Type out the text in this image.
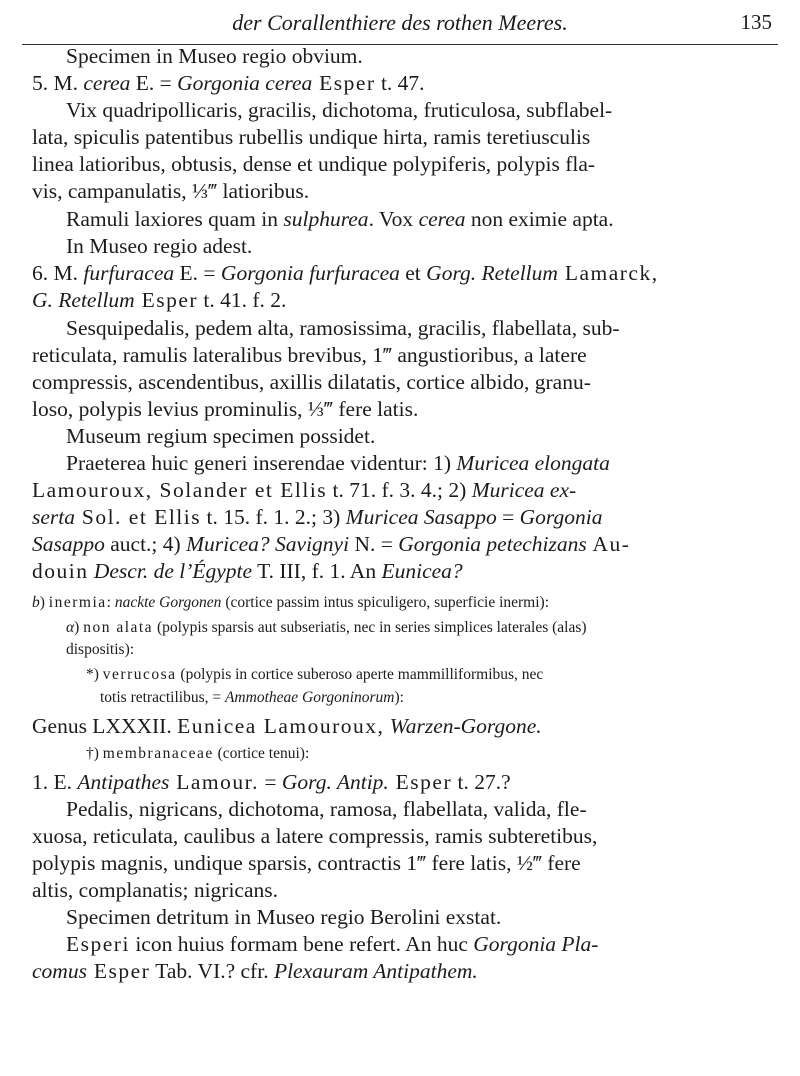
der Corallenthiere des rothen Meeres.	135
Specimen in Museo regio obvium.
5. M. cerea E. = Gorgonia cerea Esper t. 47.
Vix quadripollicaris, gracilis, dichotoma, fruticulosa, subflabel-
lata, spiculis patentibus rubellis undique hirta, ramis teretiusculis
linea latioribus, obtusis, dense et undique polypiferis, polypis fla-
vis, campanulatis, ⅓‴ latioribus.
Ramuli laxiores quam in sulphurea. Vox cerea non eximie apta.
In Museo regio adest.
6. M. furfuracea E. = Gorgonia furfuracea et Gorg. Retellum Lamarck,
G. Retellum Esper t. 41. f. 2.
Sesquipedalis, pedem alta, ramosissima, gracilis, flabellata, sub-
reticulata, ramulis lateralibus brevibus, 1‴ angustioribus, a latere
compressis, ascendentibus, axillis dilatatis, cortice albido, granu-
loso, polypis levius prominulis, ⅓‴ fere latis.
Museum regium specimen possidet.
Praeterea huic generi inserendae videntur: 1) Muricea elongata
Lamouroux, Solander et Ellis t. 71. f. 3. 4.; 2) Muricea ex-
serta Sol. et Ellis t. 15. f. 1. 2.; 3) Muricea Sasappo = Gorgonia
Sasappo auct.; 4) Muricea? Savignyi N. = Gorgonia petechizans Au-
douin Descr. de l’Égypte T. III, f. 1. An Eunicea?
b) inermia: nackte Gorgonen (cortice passim intus spiculigero, superficie inermi):
α) non alata (polypis sparsis aut subseriatis, nec in series simplices laterales (alas)
dispositis):
*) verrucosa (polypis in cortice suberoso aperte mammilliformibus, nec
totis retractilibus, = Ammotheae Gorgoninorum):
Genus LXXXII. Eunicea Lamouroux, Warzen-Gorgone.
†) membranaceae (cortice tenui):
1. E. Antipathes Lamour. = Gorg. Antip. Esper t. 27.?
Pedalis, nigricans, dichotoma, ramosa, flabellata, valida, fle-
xuosa, reticulata, caulibus a latere compressis, ramis subteretibus,
polypis magnis, undique sparsis, contractis 1‴ fere latis, ½‴ fere
altis, complanatis; nigricans.
Specimen detritum in Museo regio Berolini exstat.
Esperi icon huius formam bene refert. An huc Gorgonia Pla-
comus Esper Tab. VI.? cfr. Plexauram Antipathem.
